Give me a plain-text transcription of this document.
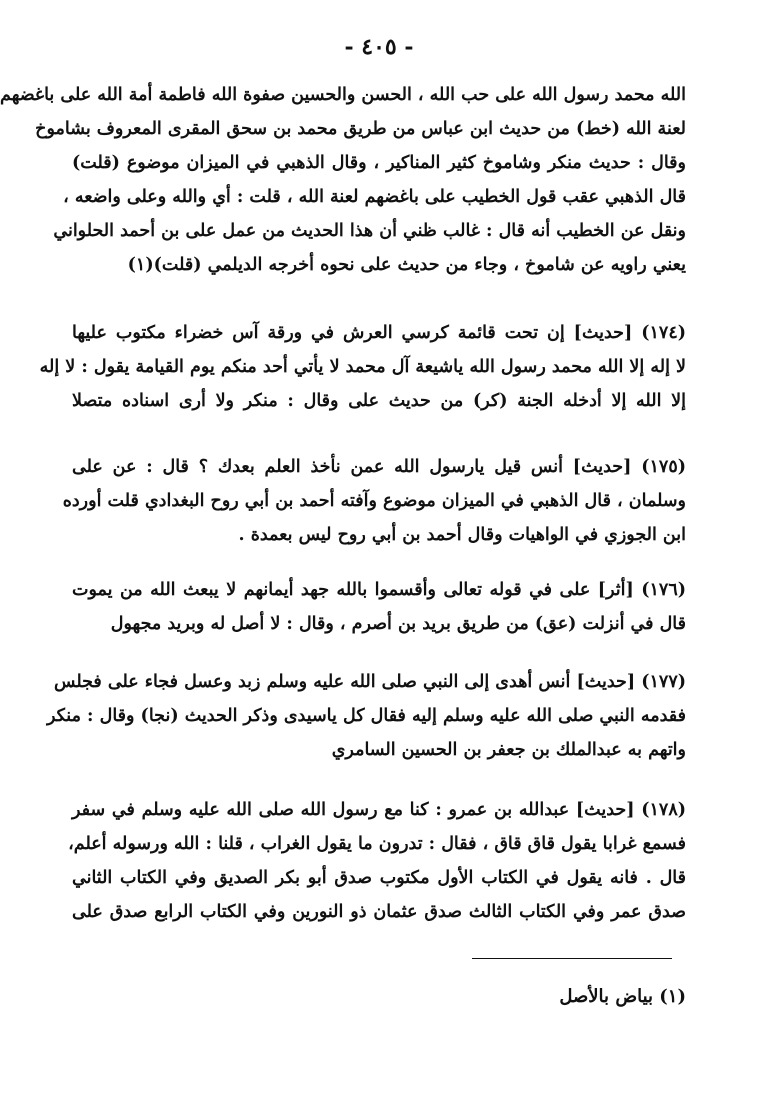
- ٤٠٥ -
الله محمد رسول الله على حب الله ، الحسن والحسين صفوة الله فاطمة أمة الله على باغضهم
لعنة الله (خط) من حديث ابن عباس من طريق محمد بن سحق المقرى المعروف بشاموخ
وقال : حديث منكر وشاموخ كثير المناكير ، وقال الذهبي في الميزان موضوع (قلت)
قال الذهبي عقب قول الخطيب على باغضهم لعنة الله ، قلت : أي والله وعلى واضعه ،
ونقل عن الخطيب أنه قال : غالب ظني أن هذا الحديث من عمل على بن أحمد الحلواني
يعني راويه عن شاموخ ، وجاء من حديث على نحوه أخرجه الديلمي (قلت)(١)
(١٧٤) [حديث] إن تحت قائمة كرسي العرش في ورقة آس خضراء مكتوب عليها
لا إله إلا الله محمد رسول الله ياشيعة آل محمد لا يأتي أحد منكم يوم القيامة يقول : لا إله
إلا الله إلا أدخله الجنة (كر) من حديث على وقال : منكر ولا أرى اسناده متصلا
(١٧٥) [حديث] أنس قيل يارسول الله عمن نأخذ العلم بعدك ؟ قال : عن على
وسلمان ، قال الذهبي في الميزان موضوع وآفته أحمد بن أبي روح البغدادي قلت أورده
ابن الجوزي في الواهيات وقال أحمد بن أبي روح ليس بعمدة .
(١٧٦) [أثر] على في قوله تعالى وأقسموا بالله جهد أيمانهم لا يبعث الله من يموت
قال في أنزلت (عق) من طريق بريد بن أصرم ، وقال : لا أصل له وبريد مجهول
(١٧٧) [حديث] أنس أهدى إلى النبي صلى الله عليه وسلم زبد وعسل فجاء على فجلس
فقدمه النبي صلى الله عليه وسلم إليه فقال كل ياسيدى وذكر الحديث (نجا) وقال : منكر
واتهم به عبدالملك بن جعفر بن الحسين السامري
(١٧٨) [حديث] عبدالله بن عمرو : كنا مع رسول الله صلى الله عليه وسلم في سفر
فسمع غرابا يقول قاق قاق ، فقال : تدرون ما يقول الغراب ، قلنا : الله ورسوله أعلم،
قال . فانه يقول في الكتاب الأول مكتوب صدق أبو بكر الصديق وفي الكتاب الثاني
صدق عمر وفي الكتاب الثالث صدق عثمان ذو النورين وفي الكتاب الرابع صدق على
(١) بياض بالأصل
